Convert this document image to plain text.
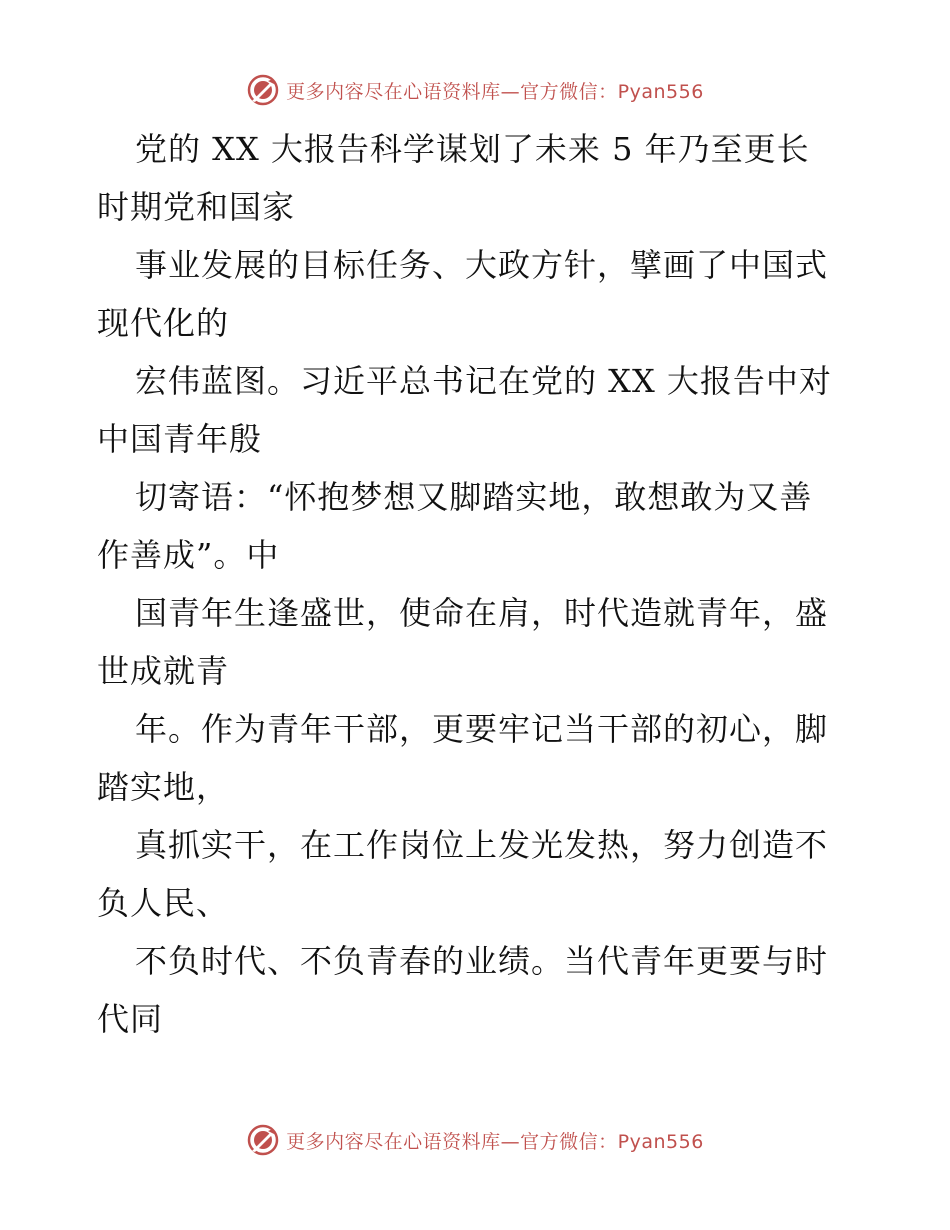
更多内容尽在心语资料库—官方微信：Pyan556

党的 XX 大报告科学谋划了未来 5 年乃至更长
时期党和国家

事业发展的目标任务、大政方针，擘画了中国式
现代化的

宏伟蓝图。习近平总书记在党的 XX 大报告中对
中国青年殷

切寄语：“怀抱梦想又脚踏实地，敢想敢为又善
作善成”。中

国青年生逢盛世，使命在肩，时代造就青年，盛
世成就青

年。作为青年干部，更要牢记当干部的初心，脚
踏实地，

真抓实干，在工作岗位上发光发热，努力创造不
负人民、

不负时代、不负青春的业绩。当代青年更要与时
代同

更多内容尽在心语资料库—官方微信：Pyan556
